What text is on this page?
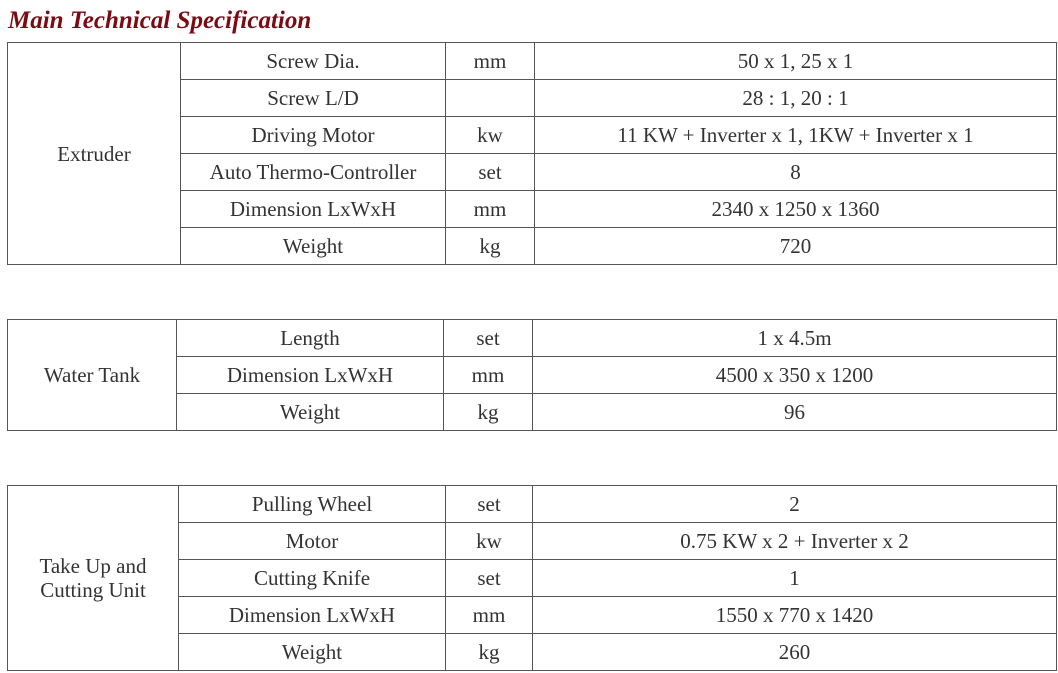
Main Technical Specification
Extruder	Screw Dia.	mm	50 x 1, 25 x 1
	Screw L/D		28 : 1, 20 : 1
	Driving Motor	kw	11 KW + Inverter x 1, 1KW + Inverter x 1
	Auto Thermo-Controller	set	8
	Dimension LxWxH	mm	2340 x 1250 x 1360
	Weight	kg	720
Water Tank	Length	set	1 x 4.5m
	Dimension LxWxH	mm	4500 x 350 x 1200
	Weight	kg	96
Take Up and Cutting Unit	Pulling Wheel	set	2
	Motor	kw	0.75 KW x 2 + Inverter x 2
	Cutting Knife	set	1
	Dimension LxWxH	mm	1550 x 770 x 1420
	Weight	kg	260
